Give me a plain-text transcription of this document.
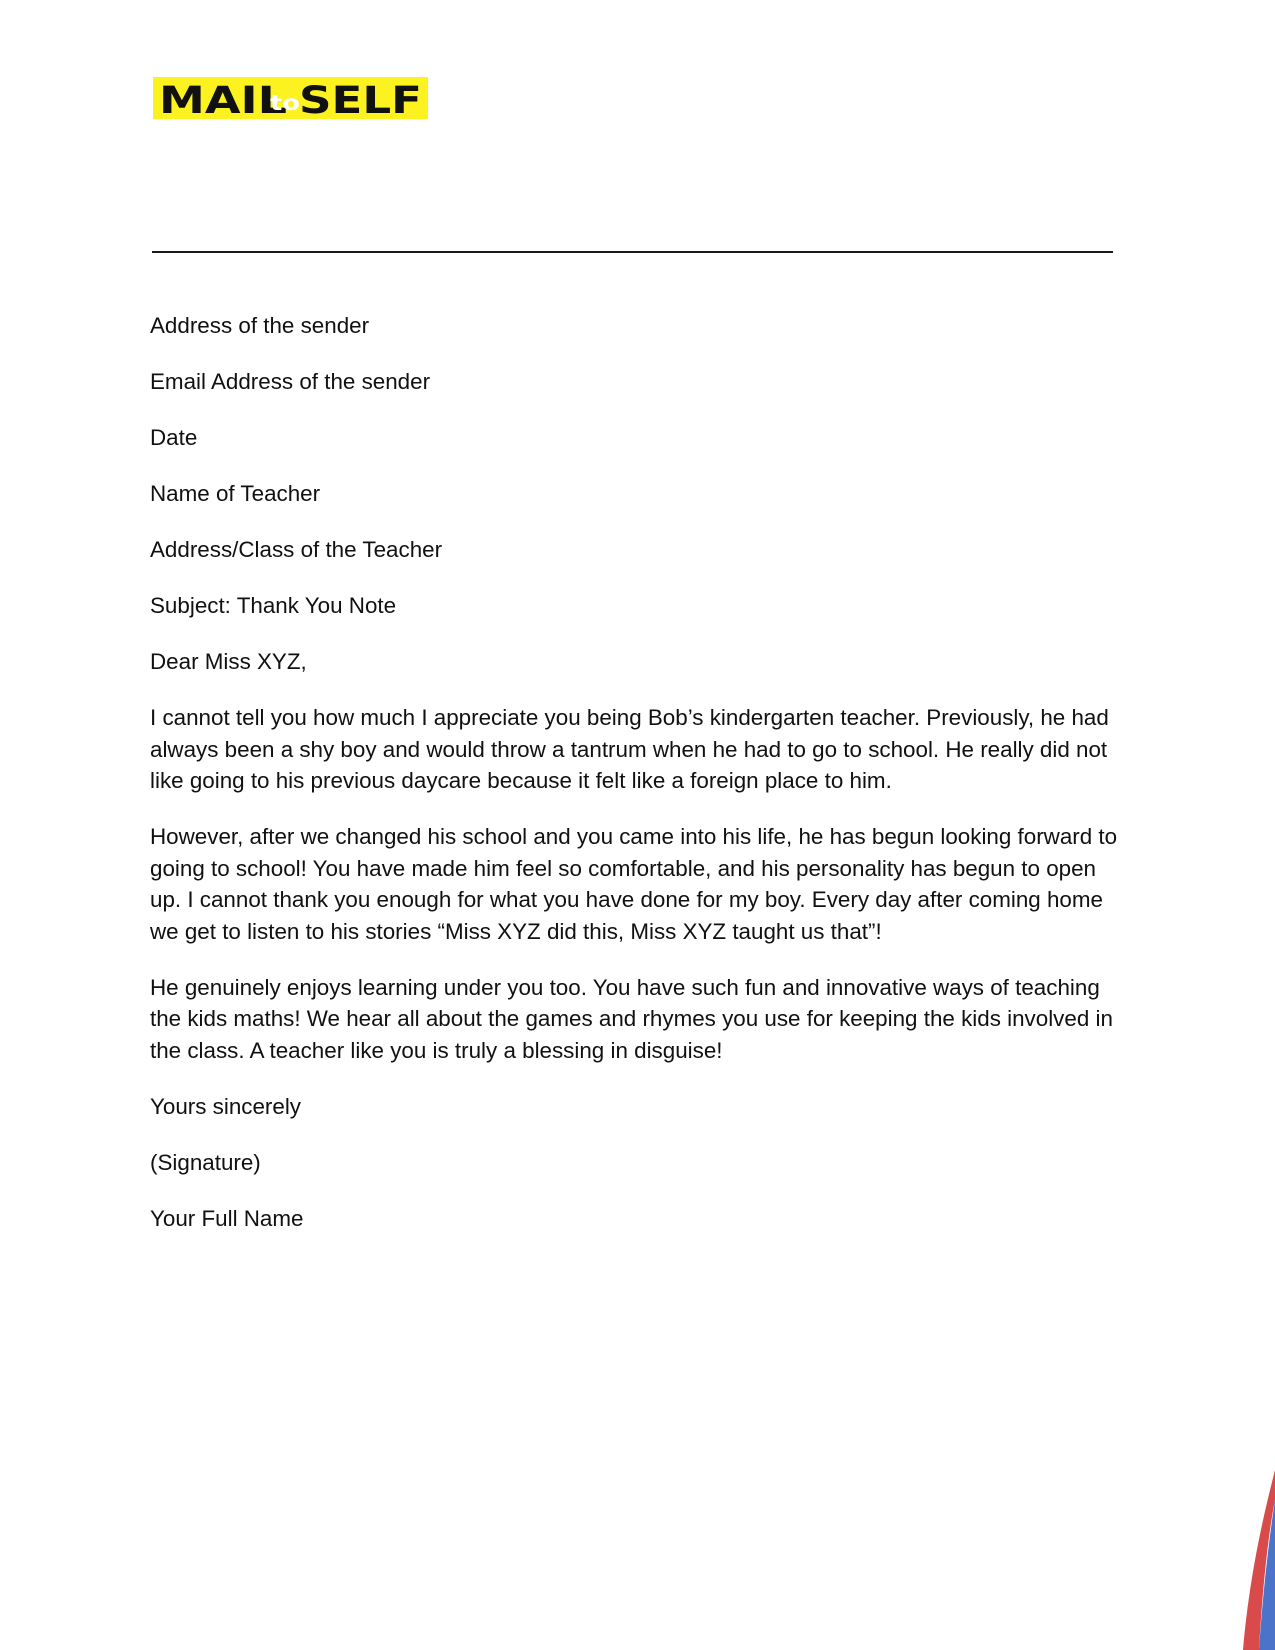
MAIL
to SELF

Address of the sender

Email Address of the sender

Date

Name of Teacher

Address/Class of the Teacher

Subject: Thank You Note

Dear Miss XYZ,

I cannot tell you how much I appreciate you being Bob’s kindergarten teacher. Previously, he had always been a shy boy and would throw a tantrum when he had to go to school. He really did not like going to his previous daycare because it felt like a foreign place to him.

However, after we changed his school and you came into his life, he has begun looking forward to going to school! You have made him feel so comfortable, and his personality has begun to open up. I cannot thank you enough for what you have done for my boy. Every day after coming home we get to listen to his stories “Miss XYZ did this, Miss XYZ taught us that”!

He genuinely enjoys learning under you too. You have such fun and innovative ways of teaching the kids maths! We hear all about the games and rhymes you use for keeping the kids involved in the class. A teacher like you is truly a blessing in disguise!

Yours sincerely

(Signature)

Your Full Name
